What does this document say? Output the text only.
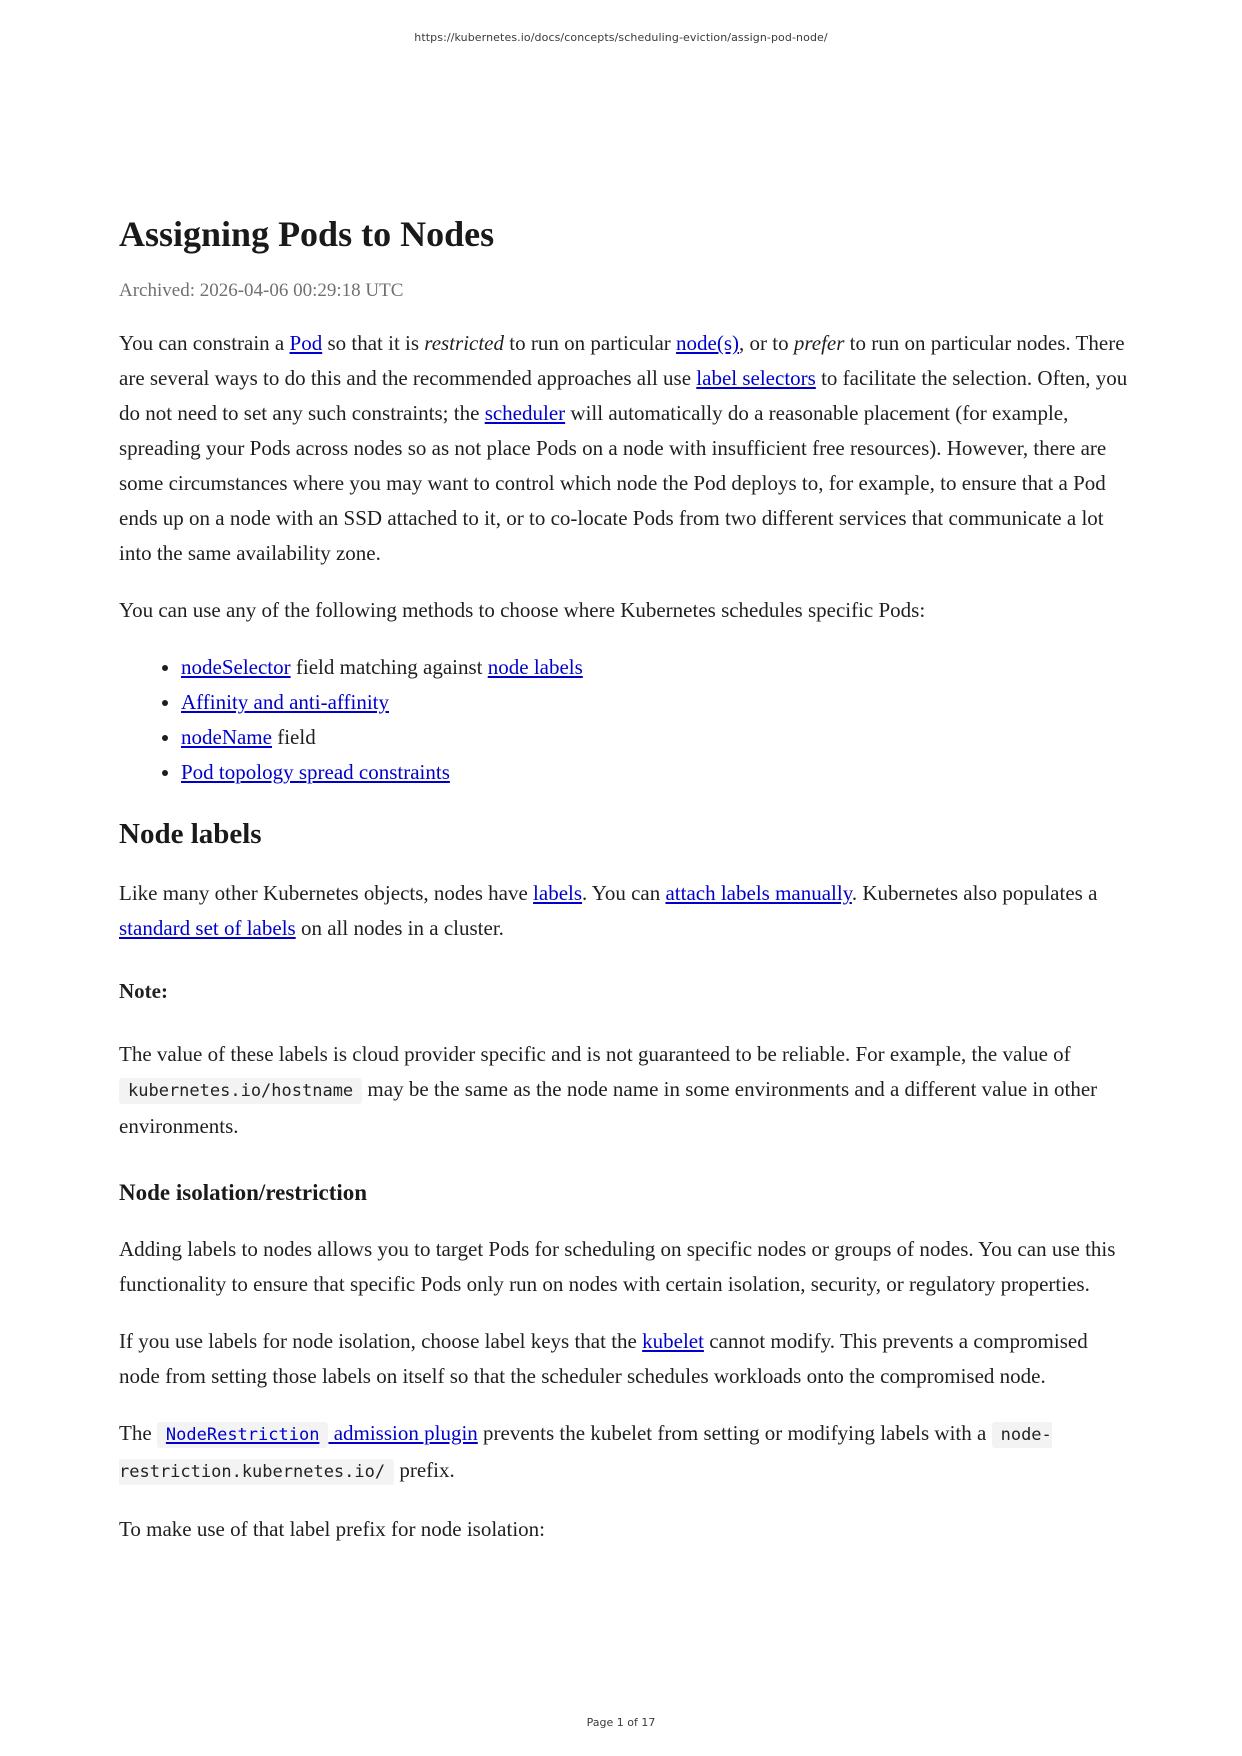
https://kubernetes.io/docs/concepts/scheduling-eviction/assign-pod-node/
Assigning Pods to Nodes
Archived: 2026-04-06 00:29:18 UTC

You can constrain a Pod so that it is restricted to run on particular node(s), or to prefer to run on particular nodes. There are several ways to do this and the recommended approaches all use label selectors to facilitate the selection. Often, you do not need to set any such constraints; the scheduler will automatically do a reasonable placement (for example, spreading your Pods across nodes so as not place Pods on a node with insufficient free resources). However, there are some circumstances where you may want to control which node the Pod deploys to, for example, to ensure that a Pod ends up on a node with an SSD attached to it, or to co-locate Pods from two different services that communicate a lot into the same availability zone.

You can use any of the following methods to choose where Kubernetes schedules specific Pods:

• nodeSelector field matching against node labels
• Affinity and anti-affinity
• nodeName field
• Pod topology spread constraints
Node labels

Like many other Kubernetes objects, nodes have labels. You can attach labels manually. Kubernetes also populates a standard set of labels on all nodes in a cluster.

Note:

The value of these labels is cloud provider specific and is not guaranteed to be reliable. For example, the value of kubernetes.io/hostname may be the same as the node name in some environments and a different value in other environments.

Node isolation/restriction

Adding labels to nodes allows you to target Pods for scheduling on specific nodes or groups of nodes. You can use this functionality to ensure that specific Pods only run on nodes with certain isolation, security, or regulatory properties.

If you use labels for node isolation, choose label keys that the kubelet cannot modify. This prevents a compromised node from setting those labels on itself so that the scheduler schedules workloads onto the compromised node.

The NodeRestriction admission plugin prevents the kubelet from setting or modifying labels with a node-restriction.kubernetes.io/ prefix.

To make use of that label prefix for node isolation:

Page 1 of 17
